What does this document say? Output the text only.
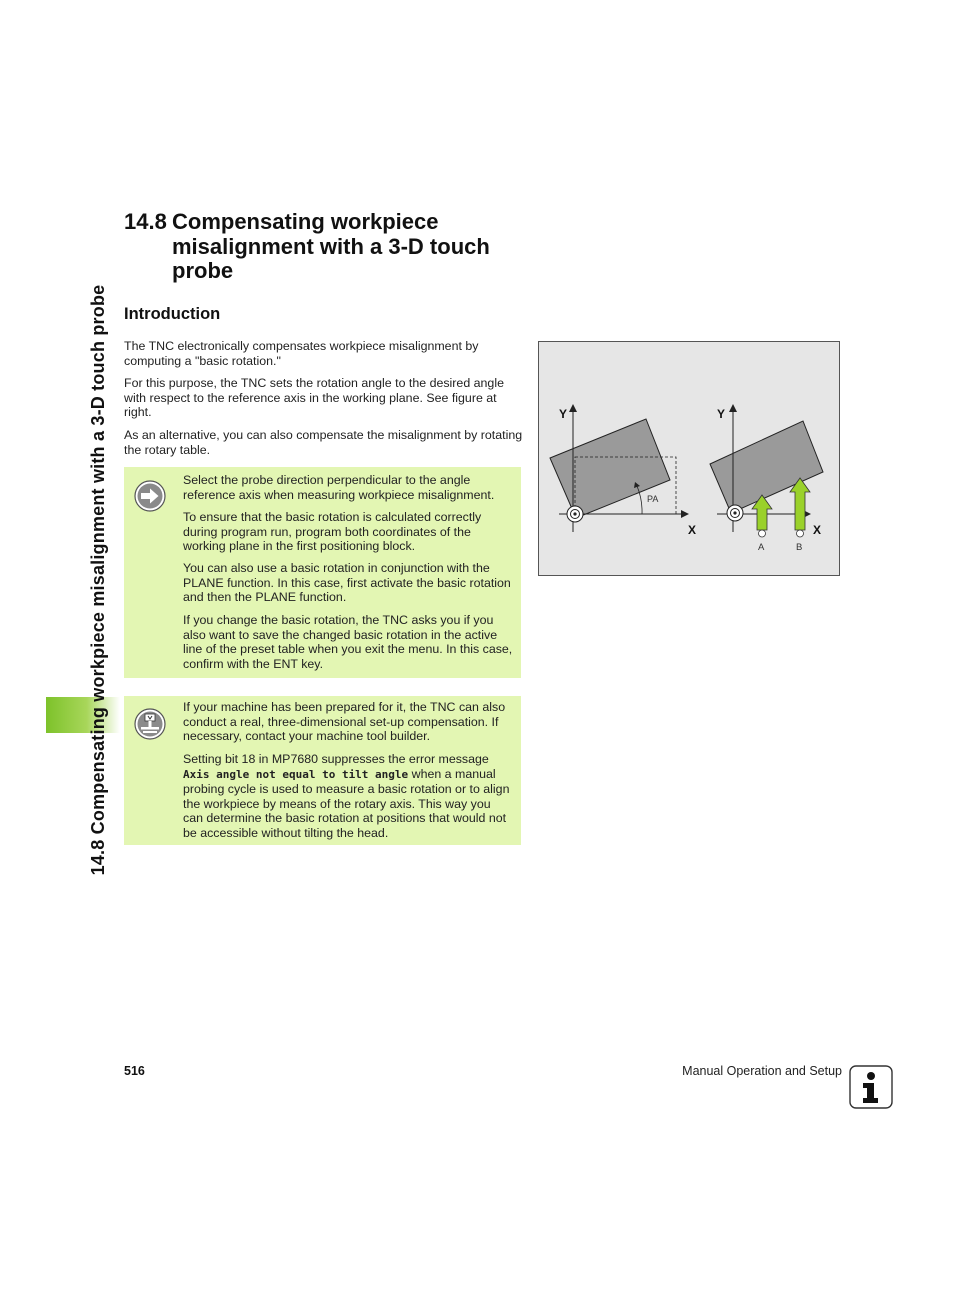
14.8 Compensating workpiece misalignment with a 3-D touch probe
14.8 Compensating workpiece misalignment with a 3-D touch probe
Introduction

The TNC electronically compensates workpiece misalignment by computing a "basic rotation."

For this purpose, the TNC sets the rotation angle to the desired angle with respect to the reference axis in the working plane. See figure at right.

As an alternative, you can also compensate the misalignment by rotating the rotary table.

Select the probe direction perpendicular to the angle reference axis when measuring workpiece misalignment.

To ensure that the basic rotation is calculated correctly during program run, program both coordinates of the working plane in the first positioning block.

You can also use a basic rotation in conjunction with the PLANE function. In this case, first activate the basic rotation and then the PLANE function.

If you change the basic rotation, the TNC asks you if you also want to save the changed basic rotation in the active line of the preset table when you exit the menu. In this case, confirm with the ENT key.

If your machine has been prepared for it, the TNC can also conduct a real, three-dimensional set-up compensation. If necessary, contact your machine tool builder.

Setting bit 18 in MP7680 suppresses the error message Axis angle not equal to tilt angle when a manual probing cycle is used to measure a basic rotation or to align the workpiece by means of the rotary axis. This way you can determine the basic rotation at positions that would not be accessible without tilting the head.

Y
X
PA
Y
X
A	B
516	Manual Operation and Setup
